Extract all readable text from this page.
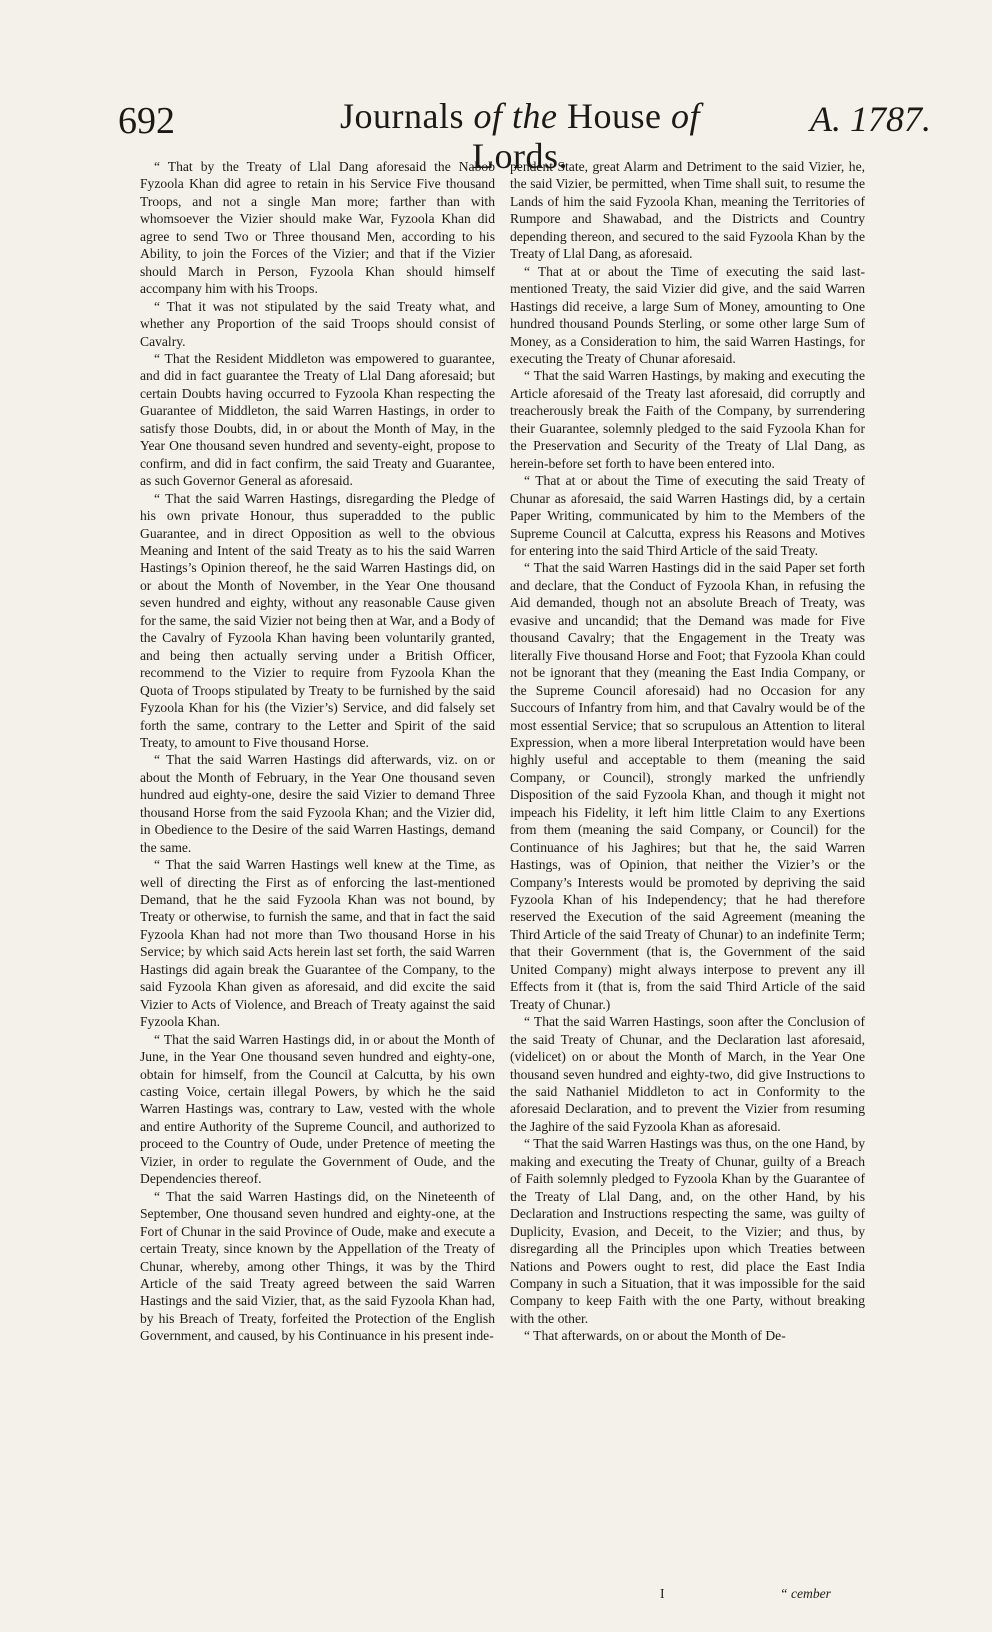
692	Journals of the House of Lords.
A. 1787.

“ That by the Treaty of Llal Dang aforesaid the Nabob Fyzoola Khan did agree to retain in his Service Five thousand Troops, and not a single Man more; farther than with whomsoever the Vizier should make War, Fyzoola Khan did agree to send Two or Three thousand Men, according to his Ability, to join the Forces of the Vizier; and that if the Vizier should March in Person, Fyzoola Khan should himself accompany him with his Troops.

“ That it was not stipulated by the said Treaty what, and whether any Proportion of the said Troops should consist of Cavalry.

“ That the Resident Middleton was empowered to guarantee, and did in fact guarantee the Treaty of Llal Dang aforesaid; but certain Doubts having occurred to Fyzoola Khan respecting the Guarantee of Middleton, the said Warren Hastings, in order to satisfy those Doubts, did, in or about the Month of May, in the Year One thousand seven hundred and seventy-eight, propose to confirm, and did in fact confirm, the said Treaty and Guarantee, as such Governor General as aforesaid.

“ That the said Warren Hastings, disregarding the Pledge of his own private Honour, thus superadded to the public Guarantee, and in direct Opposition as well to the obvious Meaning and Intent of the said Treaty as to his the said Warren Hastings’s Opinion thereof, he the said Warren Hastings did, on or about the Month of November, in the Year One thousand seven hundred and eighty, without any reasonable Cause given for the same, the said Vizier not being then at War, and a Body of the Cavalry of Fyzoola Khan having been voluntarily granted, and being then actually serving under a British Officer, recommend to the Vizier to require from Fyzoola Khan the Quota of Troops stipulated by Treaty to be furnished by the said Fyzoola Khan for his (the Vizier’s) Service, and did falsely set forth the same, contrary to the Letter and Spirit of the said Treaty, to amount to Five thousand Horse.

“ That the said Warren Hastings did afterwards, viz. on or about the Month of February, in the Year One thousand seven hundred aud eighty-one, desire the said Vizier to demand Three thousand Horse from the said Fyzoola Khan; and the Vizier did, in Obedience to the Desire of the said Warren Hastings, demand the same.

“ That the said Warren Hastings well knew at the Time, as well of directing the First as of enforcing the last-mentioned Demand, that he the said Fyzoola Khan was not bound, by Treaty or otherwise, to furnish the same, and that in fact the said Fyzoola Khan had not more than Two thousand Horse in his Service; by which said Acts herein last set forth, the said Warren Hastings did again break the Guarantee of the Company, to the said Fyzoola Khan given as aforesaid, and did excite the said Vizier to Acts of Violence, and Breach of Treaty against the said Fyzoola Khan.

“ That the said Warren Hastings did, in or about the Month of June, in the Year One thousand seven hundred and eighty-one, obtain for himself, from the Council at Calcutta, by his own casting Voice, certain illegal Powers, by which he the said Warren Hastings was, contrary to Law, vested with the whole and entire Authority of the Supreme Council, and authorized to proceed to the Country of Oude, under Pretence of meeting the Vizier, in order to regulate the Government of Oude, and the Dependencies thereof.

“ That the said Warren Hastings did, on the Nineteenth of September, One thousand seven hundred and eighty-one, at the Fort of Chunar in the said Province of Oude, make and execute a certain Treaty, since known by the Appellation of the Treaty of Chunar, whereby, among other Things, it was by the Third Article of the said Treaty agreed between the said Warren Hastings and the said Vizier, that, as the said Fyzoola Khan had, by his Breach of Treaty, forfeited the Protection of the English Government, and caused, by his Continuance in his present inde-

pendent State, great Alarm and Detriment to the said Vizier, he, the said Vizier, be permitted, when Time shall suit, to resume the Lands of him the said Fyzoola Khan, meaning the Territories of Rumpore and Shawabad, and the Districts and Country depending thereon, and secured to the said Fyzoola Khan by the Treaty of Llal Dang, as aforesaid.

“ That at or about the Time of executing the said last-mentioned Treaty, the said Vizier did give, and the said Warren Hastings did receive, a large Sum of Money, amounting to One hundred thousand Pounds Sterling, or some other large Sum of Money, as a Consideration to him, the said Warren Hastings, for executing the Treaty of Chunar aforesaid.

“ That the said Warren Hastings, by making and executing the Article aforesaid of the Treaty last aforesaid, did corruptly and treacherously break the Faith of the Company, by surrendering their Guarantee, solemnly pledged to the said Fyzoola Khan for the Preservation and Security of the Treaty of Llal Dang, as herein-before set forth to have been entered into.

“ That at or about the Time of executing the said Treaty of Chunar as aforesaid, the said Warren Hastings did, by a certain Paper Writing, communicated by him to the Members of the Supreme Council at Calcutta, express his Reasons and Motives for entering into the said Third Article of the said Treaty.

“ That the said Warren Hastings did in the said Paper set forth and declare, that the Conduct of Fyzoola Khan, in refusing the Aid demanded, though not an absolute Breach of Treaty, was evasive and uncandid; that the Demand was made for Five thousand Cavalry; that the Engagement in the Treaty was literally Five thousand Horse and Foot; that Fyzoola Khan could not be ignorant that they (meaning the East India Company, or the Supreme Council aforesaid) had no Occasion for any Succours of Infantry from him, and that Cavalry would be of the most essential Service; that so scrupulous an Attention to literal Expression, when a more liberal Interpretation would have been highly useful and acceptable to them (meaning the said Company, or Council), strongly marked the unfriendly Disposition of the said Fyzoola Khan, and though it might not impeach his Fidelity, it left him little Claim to any Exertions from them (meaning the said Company, or Council) for the Continuance of his Jaghires; but that he, the said Warren Hastings, was of Opinion, that neither the Vizier’s or the Company’s Interests would be promoted by depriving the said Fyzoola Khan of his Independency; that he had therefore reserved the Execution of the said Agreement (meaning the Third Article of the said Treaty of Chunar) to an indefinite Term; that their Government (that is, the Government of the said United Company) might always interpose to prevent any ill Effects from it (that is, from the said Third Article of the said Treaty of Chunar.)

“ That the said Warren Hastings, soon after the Conclusion of the said Treaty of Chunar, and the Declaration last aforesaid, (videlicet) on or about the Month of March, in the Year One thousand seven hundred and eighty-two, did give Instructions to the said Nathaniel Middleton to act in Conformity to the aforesaid Declaration, and to prevent the Vizier from resuming the Jaghire of the said Fyzoola Khan as aforesaid.

“ That the said Warren Hastings was thus, on the one Hand, by making and executing the Treaty of Chunar, guilty of a Breach of Faith solemnly pledged to Fyzoola Khan by the Guarantee of the Treaty of Llal Dang, and, on the other Hand, by his Declaration and Instructions respecting the same, was guilty of Duplicity, Evasion, and Deceit, to the Vizier; and thus, by disregarding all the Principles upon which Treaties between Nations and Powers ought to rest, did place the East India Company in such a Situation, that it was impossible for the said Company to keep Faith with the one Party, without breaking with the other.

“ That afterwards, on or about the Month of De-

I	“ cember
